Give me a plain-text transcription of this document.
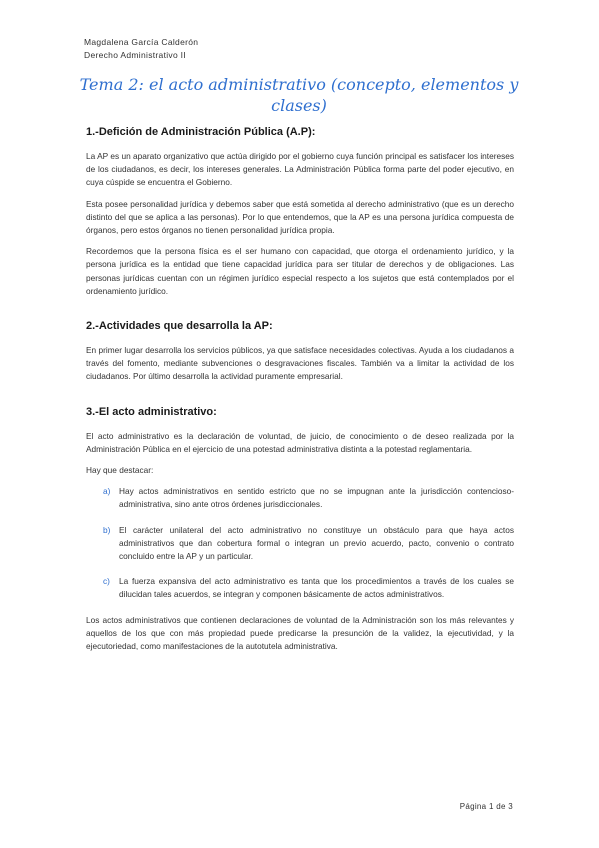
Magdalena García Calderón
Derecho Administrativo II
Tema 2: el acto administrativo (concepto, elementos y clases)
1.-Defición de Administración Pública (A.P):

La AP es un aparato organizativo que actúa dirigido por el gobierno cuya función principal es satisfacer los intereses de los ciudadanos, es decir, los intereses generales. La Administración Pública forma parte del poder ejecutivo, en cuya cúspide se encuentra el Gobierno.

Esta posee personalidad jurídica y debemos saber que está sometida al derecho administrativo (que es un derecho distinto del que se aplica a las personas). Por lo que entendemos, que la AP es una persona jurídica compuesta de órganos, pero estos órganos no tienen personalidad jurídica propia.

Recordemos que la persona física es el ser humano con capacidad, que otorga el ordenamiento jurídico, y la persona jurídica es la entidad que tiene capacidad jurídica para ser titular de derechos y de obligaciones. Las personas jurídicas cuentan con un régimen jurídico especial respecto a los sujetos que está contemplados por el ordenamiento jurídico.

2.-Actividades que desarrolla la AP:

En primer lugar desarrolla los servicios públicos, ya que satisface necesidades colectivas. Ayuda a los ciudadanos a través del fomento, mediante subvenciones o desgravaciones fiscales. También va a limitar la actividad de los ciudadanos. Por último desarrolla la actividad puramente empresarial.

3.-El acto administrativo:

El acto administrativo es la declaración de voluntad, de juicio, de conocimiento o de deseo realizada por la Administración Pública en el ejercicio de una potestad administrativa distinta a la potestad reglamentaria.

Hay que destacar:

a)	Hay actos administrativos en sentido estricto que no se impugnan ante la jurisdicción contencioso-administrativa, sino ante otros órdenes jurisdiccionales.
b)	El carácter unilateral del acto administrativo no constituye un obstáculo para que haya actos administrativos que dan cobertura formal o integran un previo acuerdo, pacto, convenio o contrato concluido entre la AP y un particular.
c)	La fuerza expansiva del acto administrativo es tanta que los procedimientos a través de los cuales se dilucidan tales acuerdos, se integran y componen básicamente de actos administrativos.

Los actos administrativos que contienen declaraciones de voluntad de la Administración son los más relevantes y aquellos de los que con más propiedad puede predicarse la presunción de la validez, la ejecutividad, y la ejecutoriedad, como manifestaciones de la autotutela administrativa.

Página 1 de 3
